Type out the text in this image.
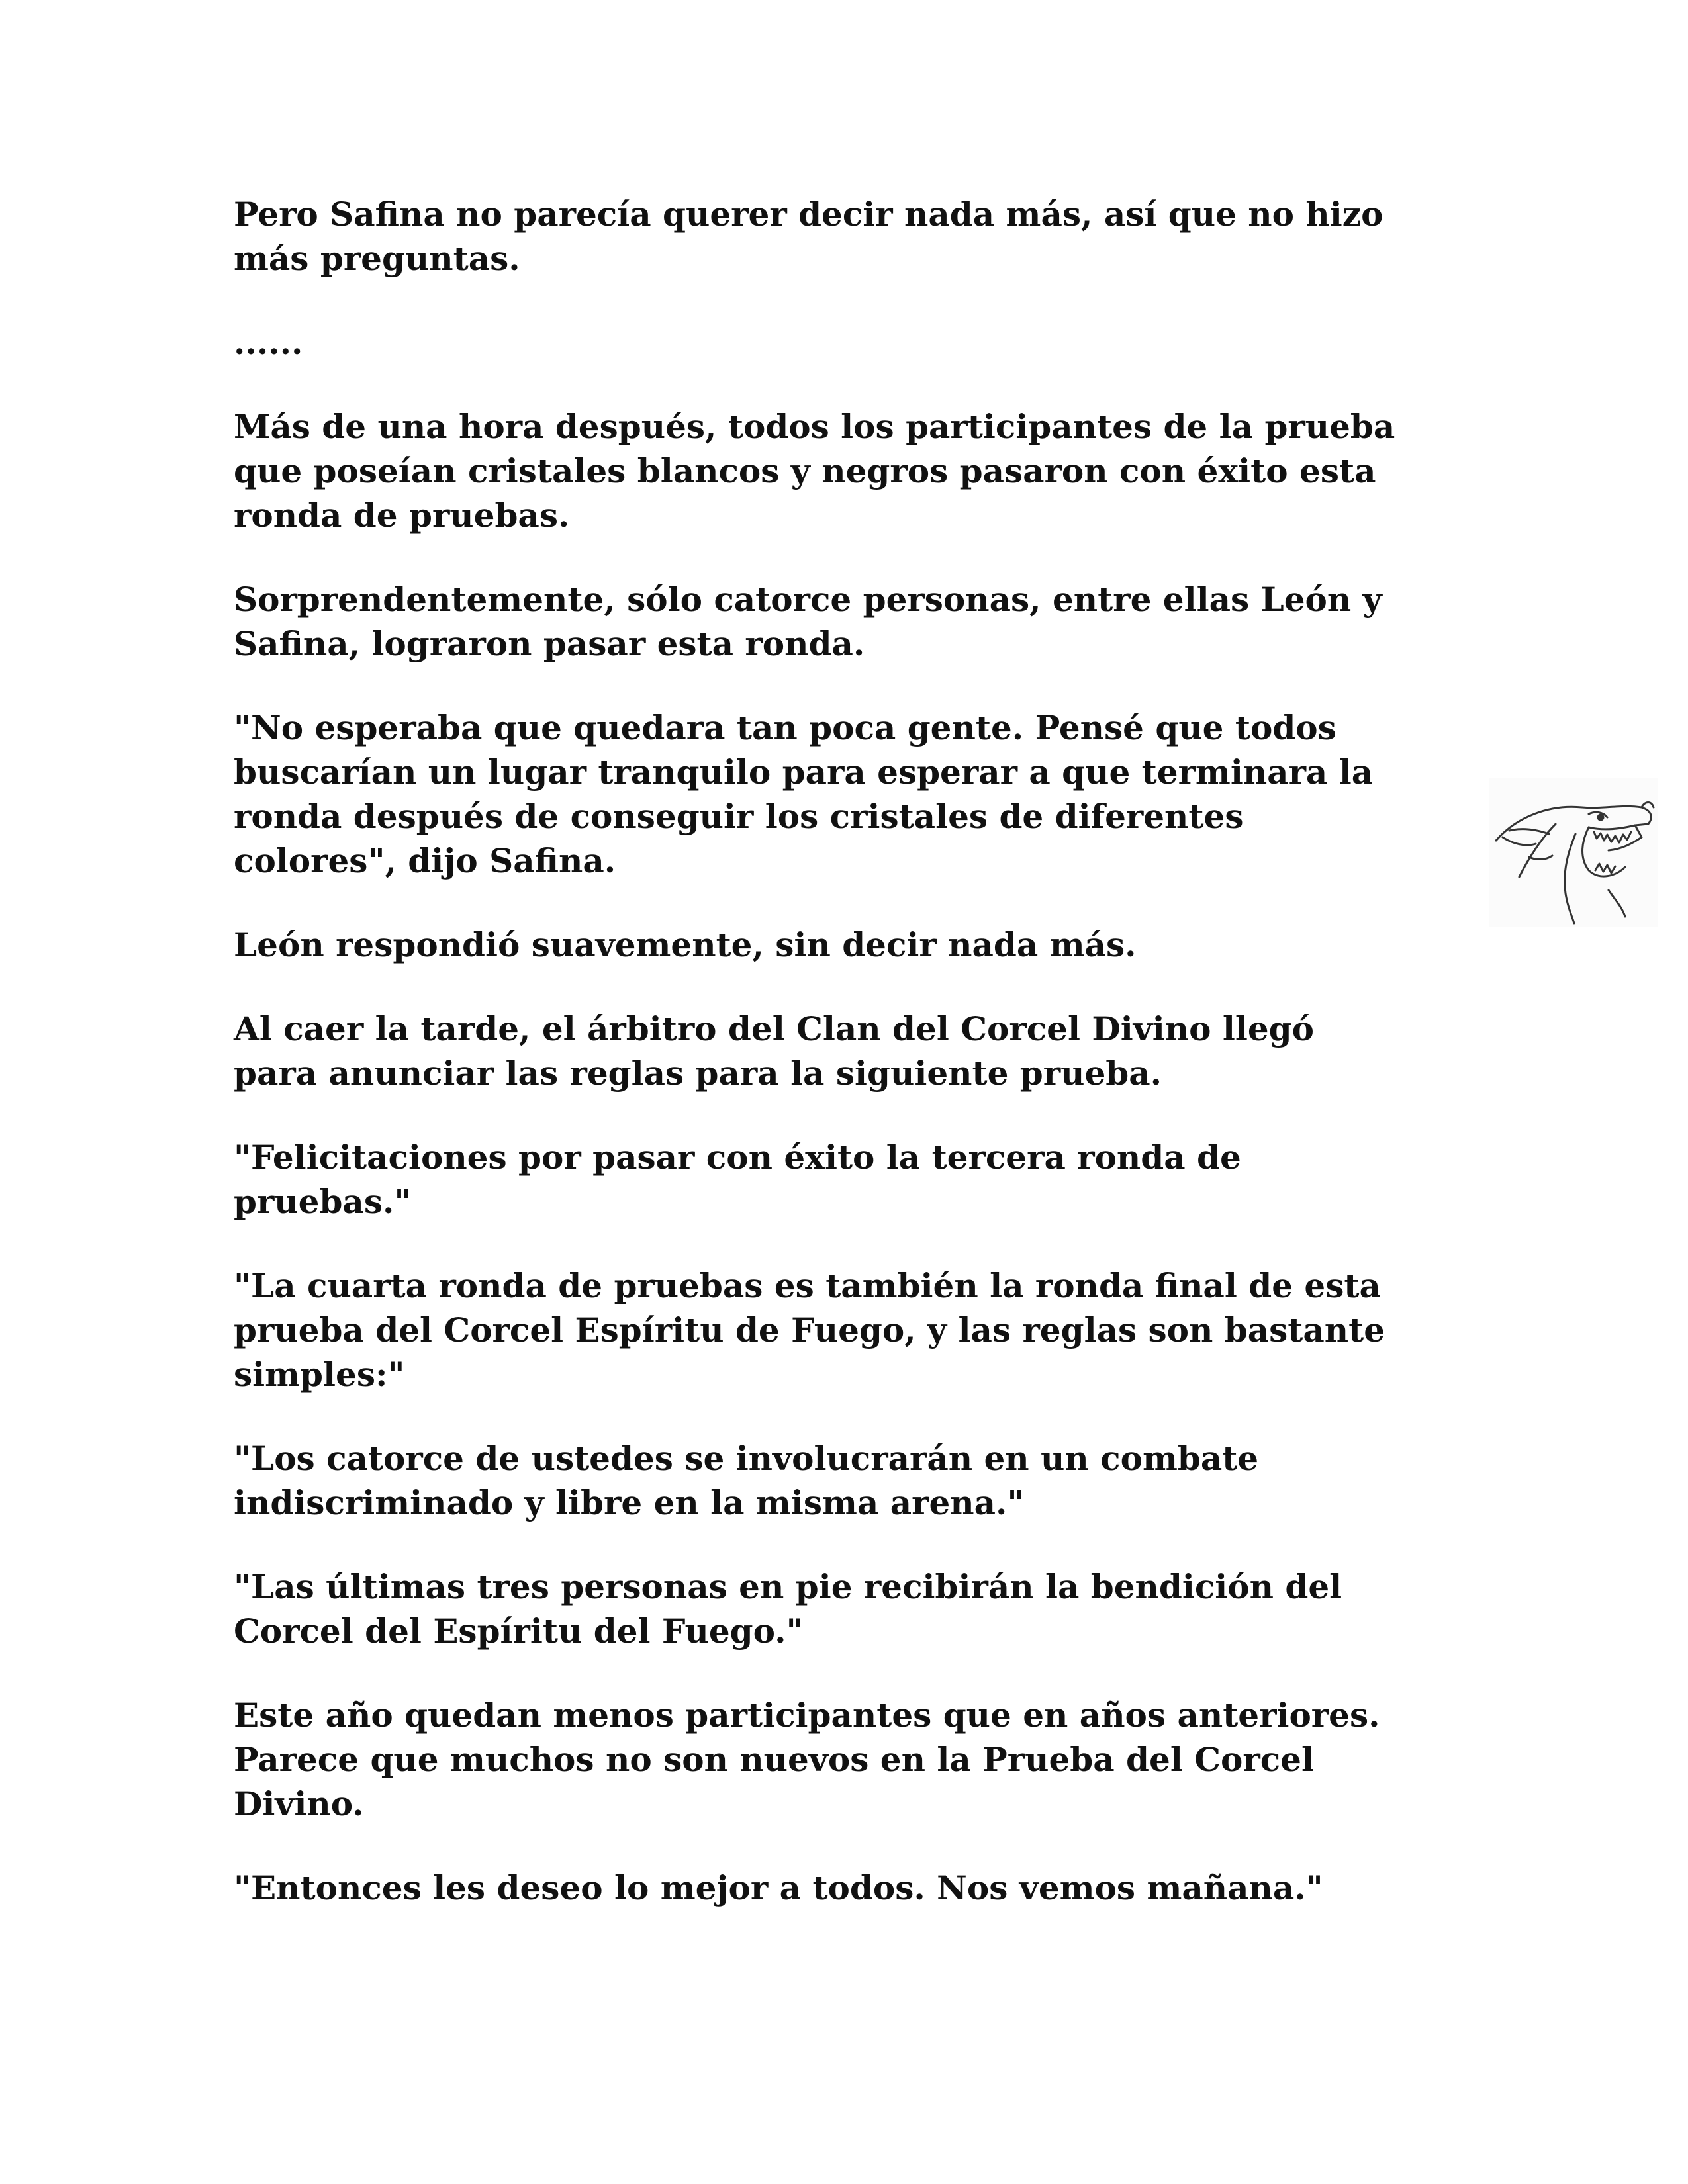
Pero Safina no parecía querer decir nada más, así que no hizo
más preguntas.

......

Más de una hora después, todos los participantes de la prueba
que poseían cristales blancos y negros pasaron con éxito esta
ronda de pruebas.

Sorprendentemente, sólo catorce personas, entre ellas León y
Safina, lograron pasar esta ronda.

"No esperaba que quedara tan poca gente. Pensé que todos
buscarían un lugar tranquilo para esperar a que terminara la
ronda después de conseguir los cristales de diferentes
colores", dijo Safina.

León respondió suavemente, sin decir nada más.

Al caer la tarde, el árbitro del Clan del Corcel Divino llegó
para anunciar las reglas para la siguiente prueba.

"Felicitaciones por pasar con éxito la tercera ronda de
pruebas."

"La cuarta ronda de pruebas es también la ronda final de esta
prueba del Corcel Espíritu de Fuego, y las reglas son bastante
simples:"

"Los catorce de ustedes se involucrarán en un combate
indiscriminado y libre en la misma arena."

"Las últimas tres personas en pie recibirán la bendición del
Corcel del Espíritu del Fuego."

Este año quedan menos participantes que en años anteriores.
Parece que muchos no son nuevos en la Prueba del Corcel
Divino.

"Entonces les deseo lo mejor a todos. Nos vemos mañana."
